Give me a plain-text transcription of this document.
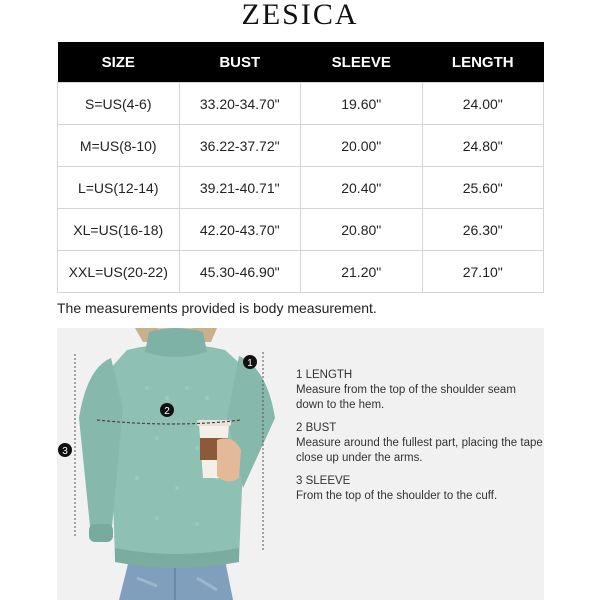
ZESICA
SIZE	BUST	SLEEVE	LENGTH
S=US(4-6)	33.20-34.70"	19.60"	24.00"
M=US(8-10)	36.22-37.72"	20.00"	24.80"
L=US(12-14)	39.21-40.71"	20.40"	25.60"
XL=US(16-18)	42.20-43.70"	20.80"	26.30"
XXL=US(20-22)	45.30-46.90"	21.20"	27.10"
The measurements provided is body measurement.
1
2
3
1 LENGTH
Measure from the top of the shoulder seam down to the hem.
2 BUST
Measure around the fullest part, placing the tape close up under the arms.
3 SLEEVE
From the top of the shoulder to the cuff.
